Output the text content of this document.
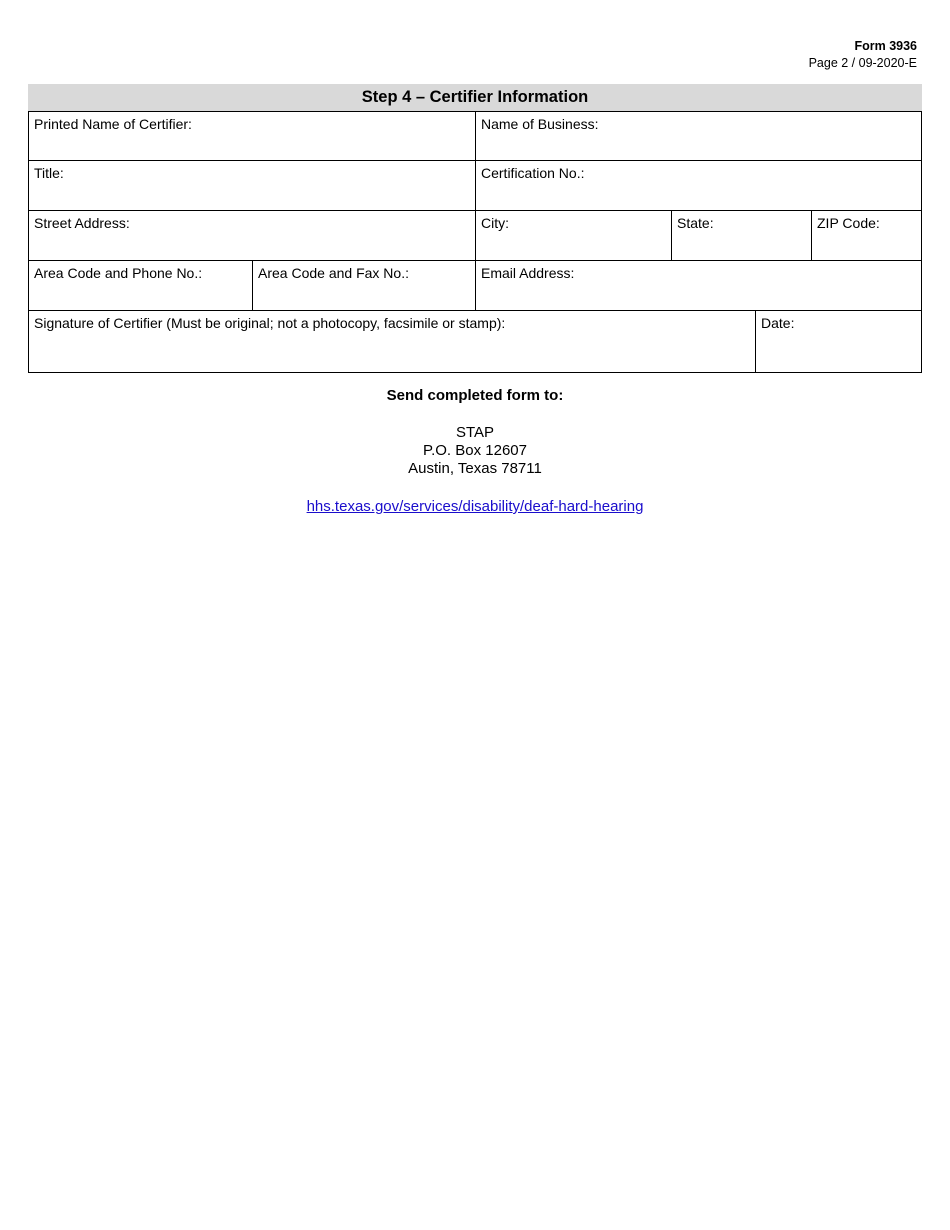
Form 3936
Page 2 / 09-2020-E
Step 4 – Certifier Information
Printed Name of Certifier:	Name of Business:
Title:	Certification No.:
Street Address:	City:	State:	ZIP Code:
Area Code and Phone No.:	Area Code and Fax No.:	Email Address:
Signature of Certifier (Must be original; not a photocopy, facsimile or stamp):	Date:
Send completed form to:
STAP
P.O. Box 12607
Austin, Texas 78711
hhs.texas.gov/services/disability/deaf-hard-hearing
